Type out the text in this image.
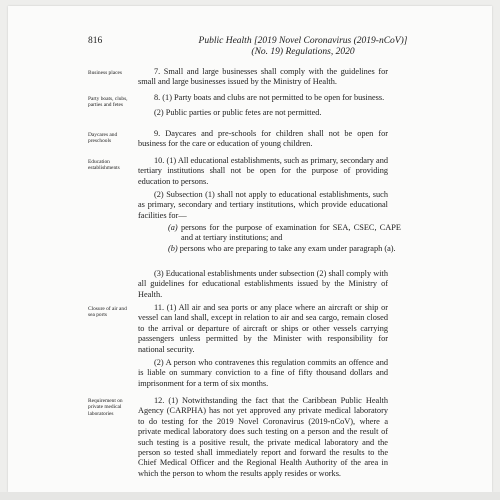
816	Public Health [2019 Novel Coronavirus (2019-nCoV)]
(No. 19) Regulations, 2020
Business places	7. Small and large businesses shall comply with the guidelines for small and large businesses issued by the Ministry of Health.
Party boats, clubs, parties and fetes
8. (1) Party boats and clubs are not permitted to be open for business.
(2) Public parties or public fetes are not permitted.
Daycares and preschools
9. Daycares and pre-schools for children shall not be open for business for the care or education of young children.
Education establishments
10. (1) All educational establishments, such as primary, secondary and tertiary institutions shall not be open for the purpose of providing education to persons.
(2) Subsection (1) shall not apply to educational establishments, such as primary, secondary and tertiary institutions, which provide educational facilities for—
(a) persons for the purpose of examination for SEA, CSEC, CAPE and at tertiary institutions; and
(b) persons who are preparing to take any exam under paragraph (a).
(3) Educational establishments under subsection (2) shall comply with all guidelines for educational establishments issued by the Ministry of Health.
Closure of air and sea ports
11. (1) All air and sea ports or any place where an aircraft or ship or vessel can land shall, except in relation to air and sea cargo, remain closed to the arrival or departure of aircraft or ships or other vessels carrying passengers unless permitted by the Minister with responsibility for national security.
(2) A person who contravenes this regulation commits an offence and is liable on summary conviction to a fine of fifty thousand dollars and imprisonment for a term of six months.
Requirement on private medical laboratories
12. (1) Notwithstanding the fact that the Caribbean Public Health Agency (CARPHA) has not yet approved any private medical laboratory to do testing for the 2019 Novel Coronavirus (2019-nCoV), where a private medical laboratory does such testing on a person and the result of such testing is a positive result, the private medical laboratory and the person so tested shall immediately report and forward the results to the Chief Medical Officer and the Regional Health Authority of the area in which the person to whom the results apply resides or works.
